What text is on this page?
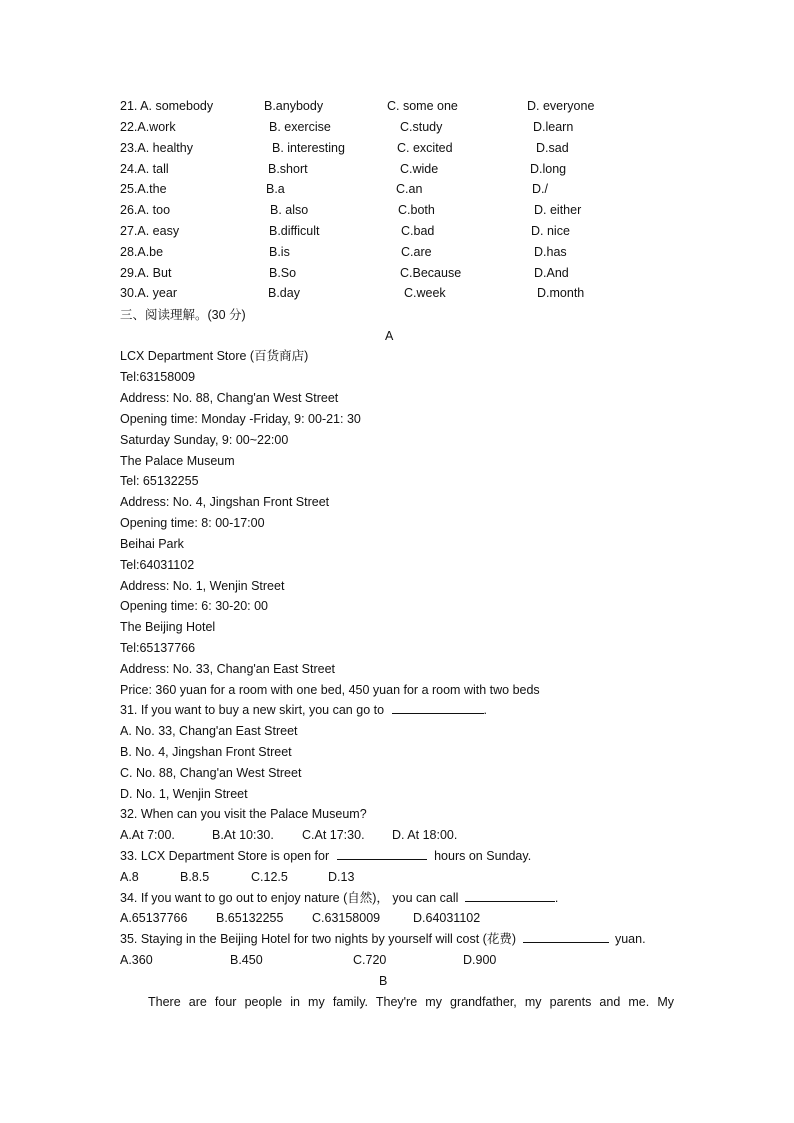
21. A. somebody	B.anybody	C. some one	D. everyone
22.A.work	B. exercise	C.study	D.learn
23.A. healthy	B. interesting	C. excited	D.sad
24.A. tall	B.short	C.wide	D.long
25.A.the	B.a	C.an	D./
26.A. too	B. also	C.both	D. either
27.A. easy	B.difficult	C.bad	D. nice
28.A.be	B.is	C.are	D.has
29.A. But	B.So	C.Because	D.And
30.A. year	B.day	C.week	D.month
三、阅读理解。(30 分)
A
LCX Department Store (百货商店)
Tel:63158009
Address: No. 88, Chang'an West Street
Opening time: Monday -Friday, 9: 00-21: 30
Saturday Sunday, 9: 00~22:00
The Palace Museum
Tel: 65132255
Address: No. 4, Jingshan Front Street
Opening time: 8: 00-17:00
Beihai Park
Tel:64031102
Address: No. 1, Wenjin Street
Opening time: 6: 30-20: 00
The Beijing Hotel
Tel:65137766
Address: No. 33, Chang'an East Street
Price: 360 yuan for a room with one bed, 450 yuan for a room with two beds
31. If you want to buy a new skirt, you can go to	.
A. No. 33, Chang'an East Street
B. No. 4, Jingshan Front Street
C. No. 88, Chang'an West Street
D. No. 1, Wenjin Street
32. When can you visit the Palace Museum?
A.At 7:00.	B.At 10:30. C.At 17:30. D. At 18:00.
33. LCX Department Store is open for	hours on Sunday.
A.8	B.8.5	C.12.5	D.13
34. If you want to go out to enjoy nature (自然)， you can call	.
A.65137766 B.65132255 C.63158009	D.64031102
35. Staying in the Beijing Hotel for two nights by yourself will cost (花费)	yuan.
A.360	B.450	C.720	D.900
B
There are four people in my family. They're my grandfather, my parents and me. My
